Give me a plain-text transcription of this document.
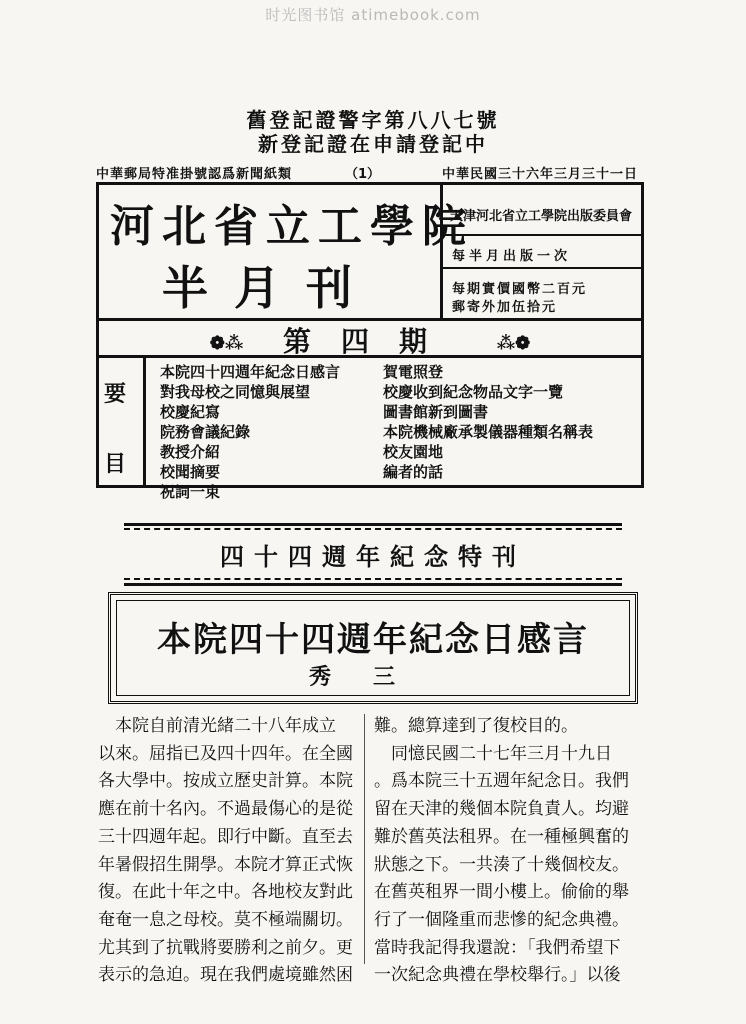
时光图书馆 atimebook.com
舊登記證警字第八八七號
新登記證在申請登記中
中華郵局特准掛號認爲新聞紙類	（1）	中華民國三十六年三月三十一日
河北省立工學院
半月刊
天津河北省立工學院出版委員會
每半月出版一次
每期實價國幣二百元
郵寄外加伍拾元
❁⁂ 第四期 ⁂❁
要
目
本院四十四週年紀念日感言
對我母校之同憶與展望
校慶紀寫
院務會議紀錄
教授介紹
校聞摘要
祝詞一束
賀電照登
校慶收到紀念物品文字一覽
圖書館新到圖書
本院機械廠承製儀器種類名稱表
校友園地
編者的話
四十四週年紀念特刊
本院四十四週年紀念日感言
秀三

　本院自前清光緒二十八年成立

以來。屈指已及四十四年。在全國

各大學中。按成立歷史計算。本院

應在前十名內。不過最傷心的是從

三十四週年起。即行中斷。直至去

年暑假招生開學。本院才算正式恢

復。在此十年之中。各地校友對此

奄奄一息之母校。莫不極端關切。

尤其到了抗戰將要勝利之前夕。更

表示的急迫。現在我們處境雖然困

難。總算達到了復校目的。

　同憶民國二十七年三月十九日

。爲本院三十五週年紀念日。我們

留在天津的幾個本院負責人。均避

難於舊英法租界。在一種極興奮的

狀態之下。一共湊了十幾個校友。

在舊英租界一間小樓上。偷偷的舉

行了一個隆重而悲慘的紀念典禮。

當時我記得我還說：「我們希望下

一次紀念典禮在學校舉行。」以後
